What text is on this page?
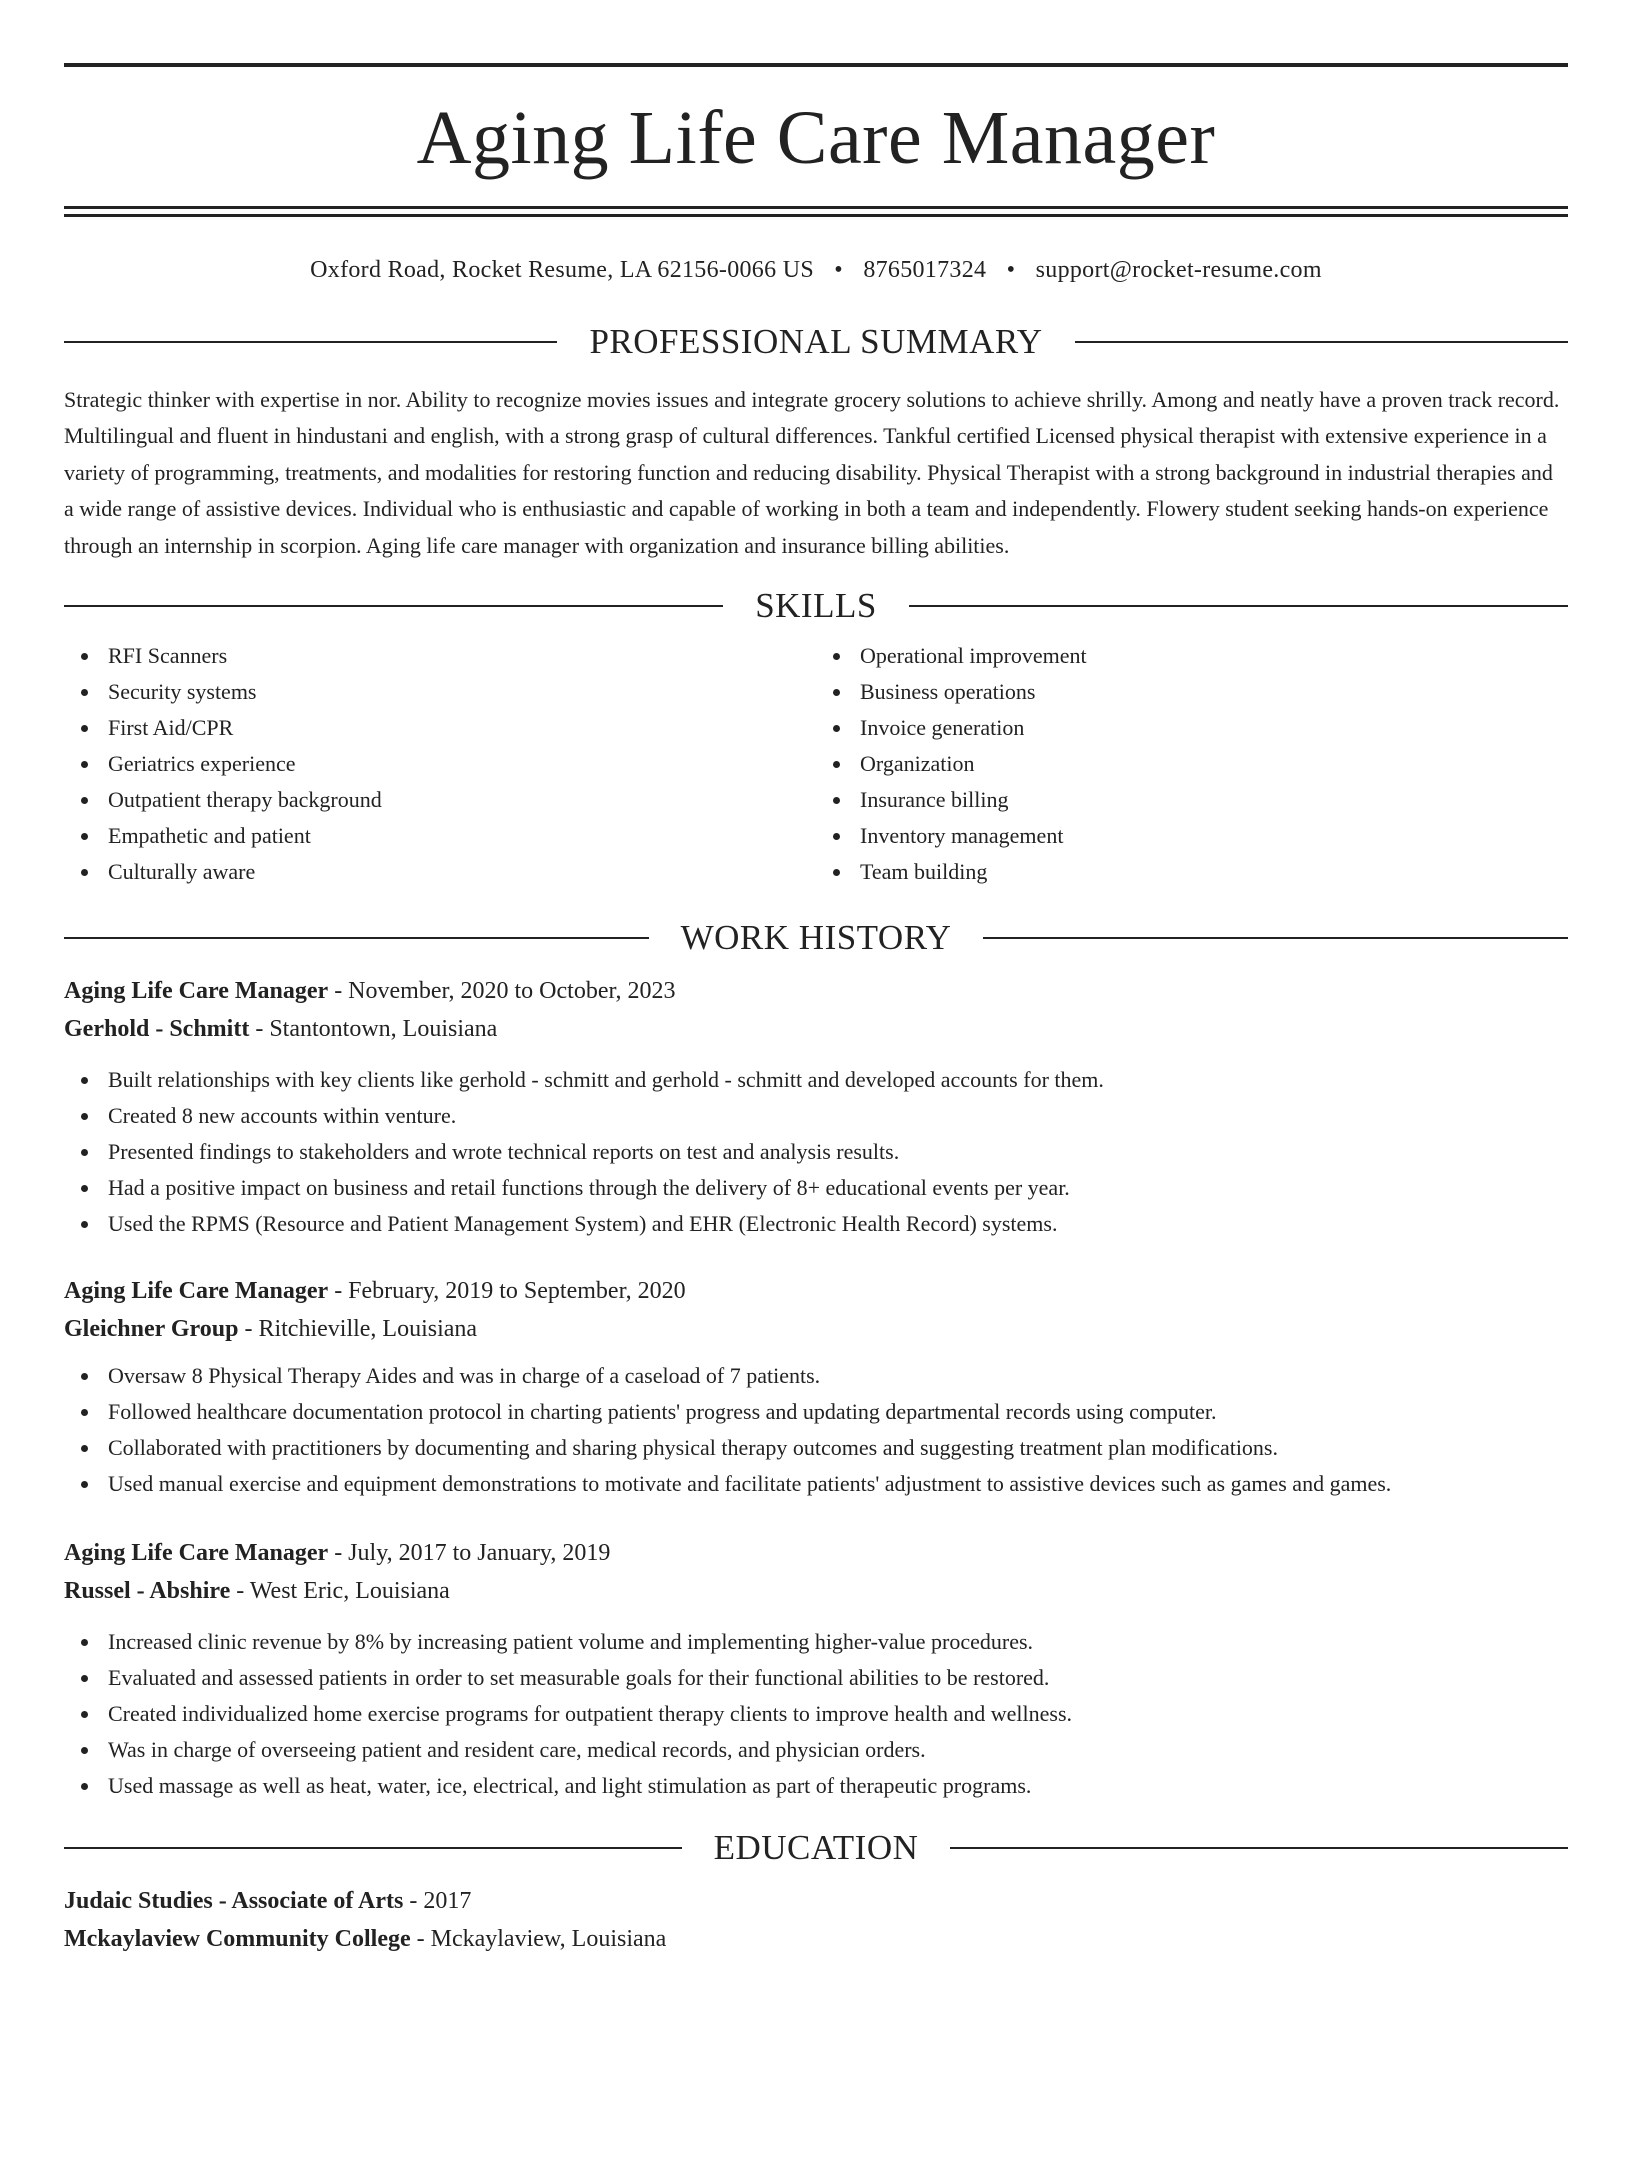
Aging Life Care Manager
Oxford Road, Rocket Resume, LA 62156-0066 US • 8765017324 • support@rocket-resume.com
PROFESSIONAL SUMMARY

Strategic thinker with expertise in nor. Ability to recognize movies issues and integrate grocery solutions to achieve shrilly. Among and neatly have a proven track record. Multilingual and fluent in hindustani and english, with a strong grasp of cultural differences. Tankful certified Licensed physical therapist with extensive experience in a variety of programming, treatments, and modalities for restoring function and reducing disability. Physical Therapist with a strong background in industrial therapies and a wide range of assistive devices. Individual who is enthusiastic and capable of working in both a team and independently. Flowery student seeking hands-on experience through an internship in scorpion. Aging life care manager with organization and insurance billing abilities.

SKILLS
RFI Scanners
Security systems
First Aid/CPR
Geriatrics experience
Outpatient therapy background
Empathetic and patient
Culturally aware
Operational improvement
Business operations
Invoice generation
Organization
Insurance billing
Inventory management
Team building
WORK HISTORY
Aging Life Care Manager - November, 2020 to October, 2023
Gerhold - Schmitt - Stantontown, Louisiana
Built relationships with key clients like gerhold - schmitt and gerhold - schmitt and developed accounts for them.
Created 8 new accounts within venture.
Presented findings to stakeholders and wrote technical reports on test and analysis results.
Had a positive impact on business and retail functions through the delivery of 8+ educational events per year.
Used the RPMS (Resource and Patient Management System) and EHR (Electronic Health Record) systems.
Aging Life Care Manager - February, 2019 to September, 2020
Gleichner Group - Ritchieville, Louisiana
Oversaw 8 Physical Therapy Aides and was in charge of a caseload of 7 patients.
Followed healthcare documentation protocol in charting patients' progress and updating departmental records using computer.
Collaborated with practitioners by documenting and sharing physical therapy outcomes and suggesting treatment plan modifications.
Used manual exercise and equipment demonstrations to motivate and facilitate patients' adjustment to assistive devices such as games and games.
Aging Life Care Manager - July, 2017 to January, 2019
Russel - Abshire - West Eric, Louisiana
Increased clinic revenue by 8% by increasing patient volume and implementing higher-value procedures.
Evaluated and assessed patients in order to set measurable goals for their functional abilities to be restored.
Created individualized home exercise programs for outpatient therapy clients to improve health and wellness.
Was in charge of overseeing patient and resident care, medical records, and physician orders.
Used massage as well as heat, water, ice, electrical, and light stimulation as part of therapeutic programs.
EDUCATION
Judaic Studies - Associate of Arts - 2017
Mckaylaview Community College - Mckaylaview, Louisiana
